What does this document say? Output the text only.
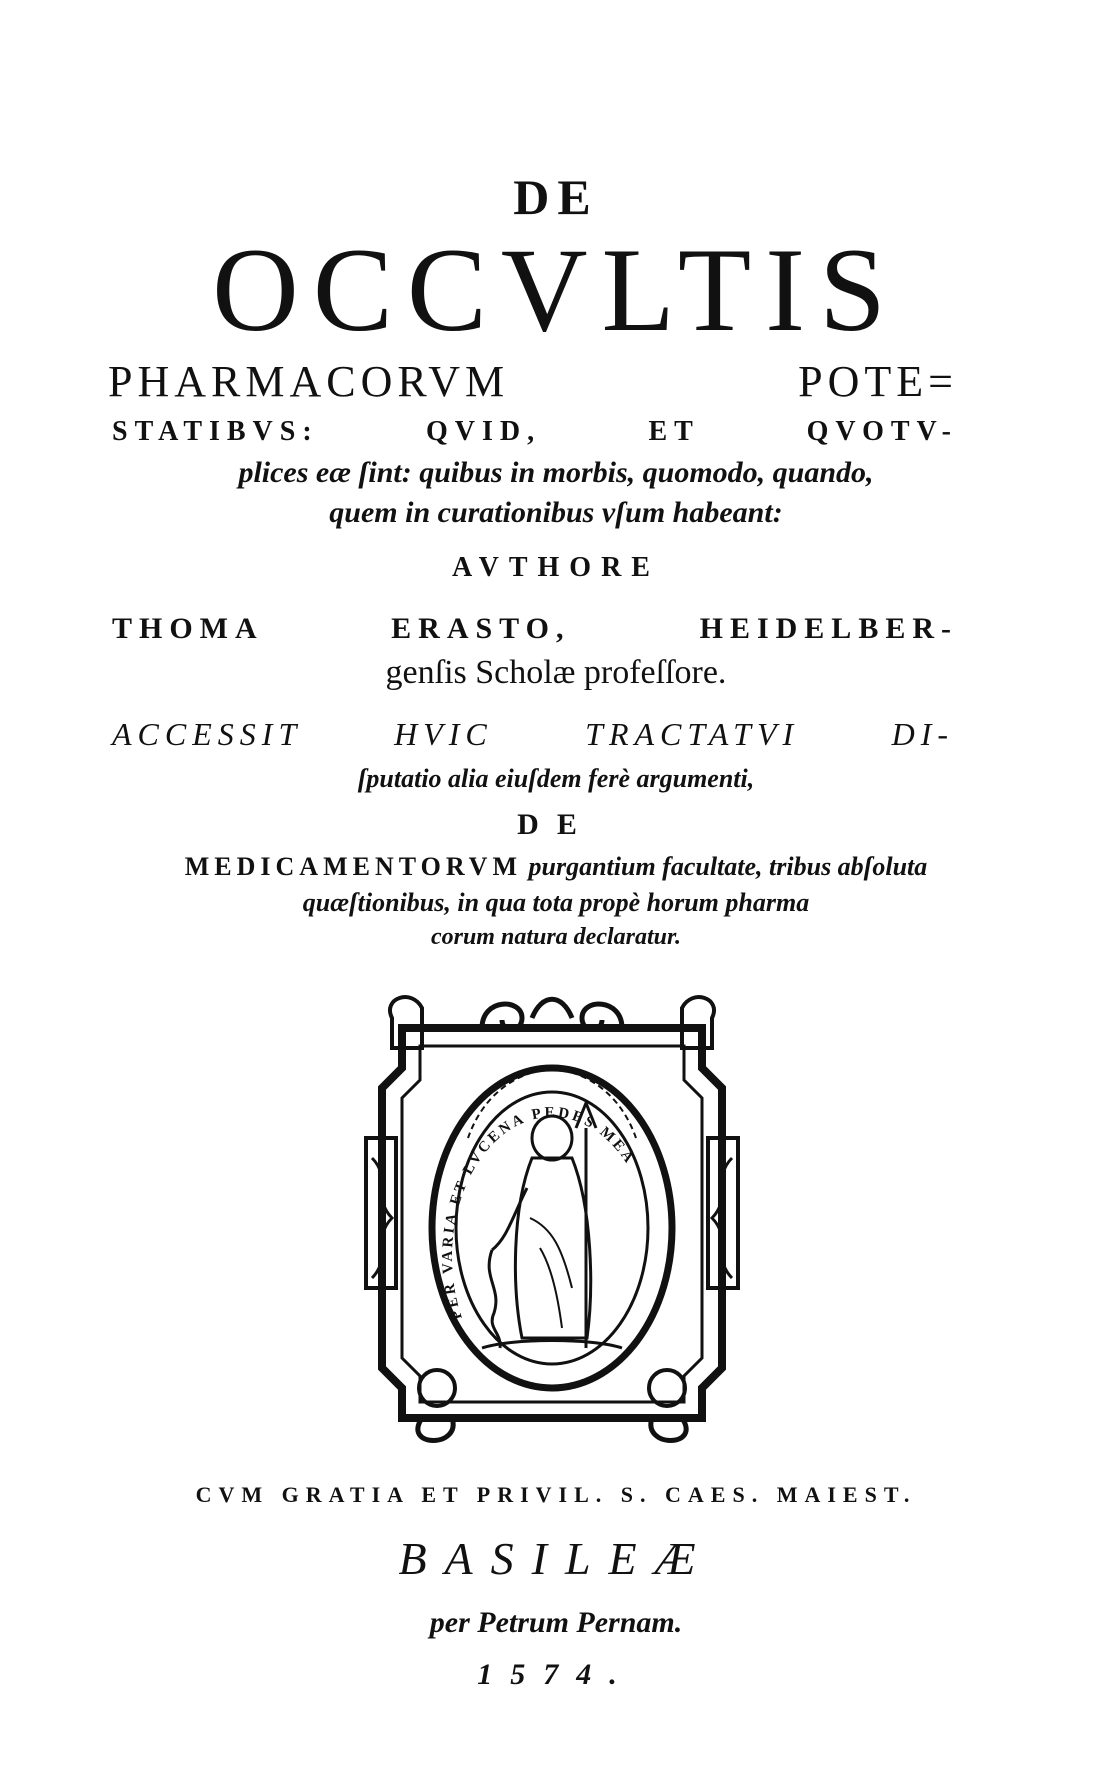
DE
OCCVLTIS
PHARMACORVM POTE=
STATIBVS: QVID, ET QVOTV-
plices eæ ſint: quibus in morbis, quomodo, quando,
quem in curationibus vſum habeant:
AVTHORE
THOMA ERASTO, HEIDELBER-
genſis Scholæ profeſſore.
ACCESSIT HVIC TRACTATVI DI-
ſputatio alia eiuſdem ferè argumenti,
DE
MEDICAMENTORVM purgantium facultate, tribus abſoluta
quæſtionibus, in qua tota propè horum pharma
corum natura declaratur.
PER VARIA ET LVCENA PEDES MEA
CVM GRATIA ET PRIVIL. S. CAES. MAIEST.
BASILEÆ
per Petrum Pernam.
1574.
